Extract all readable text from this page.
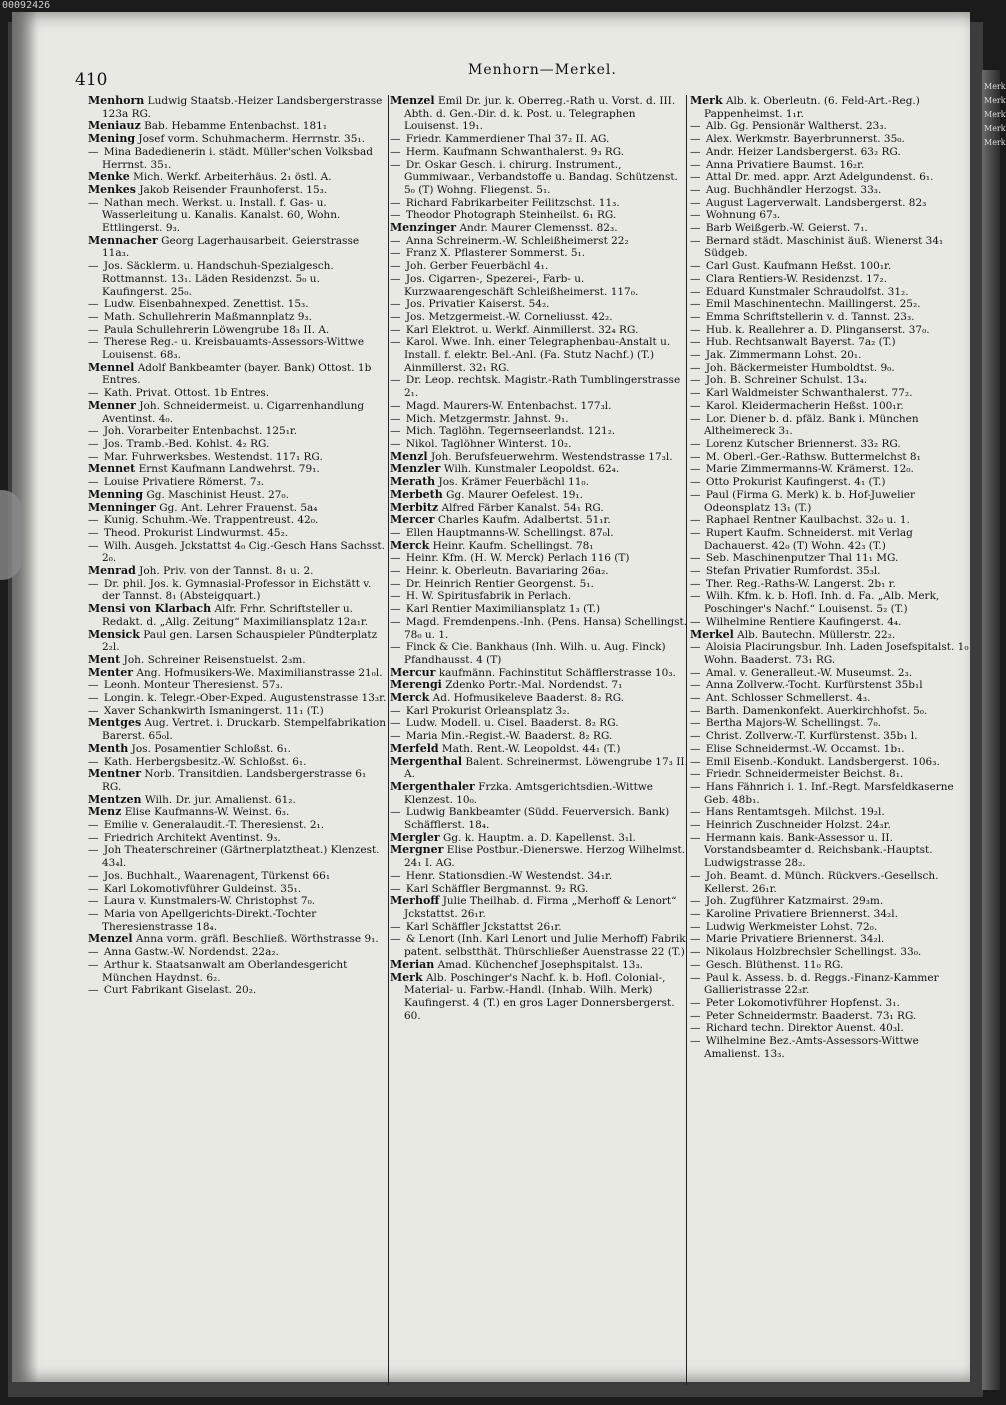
00092426
410	Menhorn—Merkel.
Menhorn Ludwig Staatsb.-Heizer Landsbergerstrasse 123a RG.
Meniauz Bab. Hebamme Entenbachst. 181₁
Mening Josef vorm. Schuhmacherm. Herrnstr. 35₁.
— Mina Badedienerin i. städt. Müller'schen Volksbad Herrnst. 35₁.
Menke Mich. Werkf. Arbeiterhäus. 2₁ östl. A.
Menkes Jakob Reisender Fraunhoferst. 15₃.
— Nathan mech. Werkst. u. Install. f. Gas- u. Wasserleitung u. Kanalis. Kanalst. 60, Wohn. Ettlingerst. 9₃.
Mennacher Georg Lagerhausarbeit. Geierstrasse 11a₃.
— Jos. Säcklerm. u. Handschuh-Spezialgesch. Rottmannst. 13₁. Läden Residenzst. 5₀ u. Kaufingerst. 25₀.
— Ludw. Eisenbahnexped. Zenettist. 15₃.
— Math. Schullehrerin Maßmannplatz 9₃.
— Paula Schullehrerin Löwengrube 18₃ II. A.
— Therese Reg.- u. Kreisbauamts-Assessors-Wittwe Louisenst. 68₃.
Mennel Adolf Bankbeamter (bayer. Bank) Ottost. 1b Entres.
— Kath. Privat. Ottost. 1b Entres.
Menner Joh. Schneidermeist. u. Cigarrenhandlung Aventinst. 4₀.
— Joh. Vorarbeiter Entenbachst. 125₁r.
— Jos. Tramb.-Bed. Kohlst. 4₂ RG.
— Mar. Fuhrwerksbes. Westendst. 117₁ RG.
Mennet Ernst Kaufmann Landwehrst. 79₁.
— Louise Privatiere Römerst. 7₃.
Menning Gg. Maschinist Heust. 27₀.
Menninger Gg. Ant. Lehrer Frauenst. 5a₄
— Kunig. Schuhm.-We. Trappentreust. 42₀.
— Theod. Prokurist Lindwurmst. 45₂.
— Wilh. Ausgeh. Jckstattst 4₀ Cig.-Gesch Hans Sachsst. 2₀.
Menrad Joh. Priv. von der Tannst. 8₁ u. 2.
— Dr. phil. Jos. k. Gymnasial-Professor in Eichstätt v. der Tannst. 8₁ (Absteigquart.)
Mensi von Klarbach Alfr. Frhr. Schriftsteller u. Redakt. d. „Allg. Zeitung“ Maximiliansplatz 12a₁r.
Mensick Paul gen. Larsen Schauspieler Pündterplatz 2₂l.
Ment Joh. Schreiner Reisenstuelst. 2₃m.
Menter Ang. Hofmusikers-We. Maximilianstrasse 21₀l.
— Leonh. Monteur Theresienst. 57₃.
— Longin. k. Telegr.-Ober-Exped. Augustenstrasse 13₃r.
— Xaver Schankwirth Ismaningerst. 11₁ (T.)
Mentges Aug. Vertret. i. Druckarb. Stempelfabrikation Barerst. 65₀l.
Menth Jos. Posamentier Schloßst. 6₁.
— Kath. Herbergsbesitz.-W. Schloßst. 6₁.
Mentner Norb. Transitdien. Landsbergerstrasse 6₁ RG.
Mentzen Wilh. Dr. jur. Amalienst. 61₂.
Menz Elise Kaufmanns-W. Weinst. 6₃.
— Emilie v. Generalaudit.-T. Theresienst. 2₁.
— Friedrich Architekt Aventinst. 9₃.
— Joh Theaterschreiner (Gärtnerplatztheat.) Klenzest. 43₄l.
— Jos. Buchhalt., Waarenagent, Türkenst 66₁
— Karl Lokomotivführer Guldeinst. 35₁.
— Laura v. Kunstmalers-W. Christophst 7₀.
— Maria von Apellgerichts-Direkt.-Tochter Theresienstrasse 18₄.
Menzel Anna vorm. gräfl. Beschließ. Wörthstrasse 9₁.
— Anna Gastw.-W. Nordendst. 22a₂.
— Arthur k. Staatsanwalt am Oberlandesgericht München Haydnst. 6₂.
— Curt Fabrikant Giselast. 20₂.
Menzel Emil Dr. jur. k. Oberreg.-Rath u. Vorst. d. III. Abth. d. Gen.-Dir. d. k. Post. u. Telegraphen Louisenst. 19₁.
— Friedr. Kammerdiener Thal 37₂ II. AG.
— Herm. Kaufmann Schwanthalerst. 9₃ RG.
— Dr. Oskar Gesch. i. chirurg. Instrument., Gummiwaar., Verbandstoffe u. Bandag. Schützenst. 5₀ (T) Wohng. Fliegenst. 5₁.
— Richard Fabrikarbeiter Feilitzschst. 11₃.
— Theodor Photograph Steinheilst. 6₁ RG.
Menzinger Andr. Maurer Clemensst. 82₃.
— Anna Schreinerm.-W. Schleißheimerst 22₂
— Franz X. Pflasterer Sommerst. 5₁.
— Joh. Gerber Feuerbächl 4₁.
— Jos. Cigarren-, Spezerei-, Farb- u. Kurzwaarengeschäft Schleißheimerst. 117₀.
— Jos. Privatier Kaiserst. 54₂.
— Jos. Metzgermeist.-W. Corneliusst. 42₂.
— Karl Elektrot. u. Werkf. Ainmillerst. 32₄ RG.
— Karol. Wwe. Inh. einer Telegraphenbau-Anstalt u. Install. f. elektr. Bel.-Anl. (Fa. Stutz Nachf.) (T.) Ainmillerst. 32₁ RG.
— Dr. Leop. rechtsk. Magistr.-Rath Tumblingerstrasse 2₁.
— Magd. Maurers-W. Entenbachst. 177₃l.
— Mich. Metzgermstr. Jahnst. 9₁.
— Mich. Taglöhn. Tegernseerlandst. 121₂.
— Nikol. Taglöhner Winterst. 10₂.
Menzl Joh. Berufsfeuerwehrm. Westendstrasse 17₃l.
Menzler Wilh. Kunstmaler Leopoldst. 62₄.
Merath Jos. Krämer Feuerbächl 11₀.
Merbeth Gg. Maurer Oefelest. 19₁.
Merbitz Alfred Färber Kanalst. 54₁ RG.
Mercer Charles Kaufm. Adalbertst. 51₁r.
— Ellen Hauptmanns-W. Schellingst. 87₀l.
Merck Heinr. Kaufm. Schellingst. 78₁
— Heinr. Kfm. (H. W. Merck) Perlach 116 (T)
— Heinr. k. Oberleutn. Bavariaring 26a₂.
— Dr. Heinrich Rentier Georgenst. 5₁.
— H. W. Spiritusfabrik in Perlach.
— Karl Rentier Maximiliansplatz 1₃ (T.)
— Magd. Fremdenpens.-Inh. (Pens. Hansa) Schellingst. 78₀ u. 1.
— Finck & Cie. Bankhaus (Inh. Wilh. u. Aug. Finck) Pfandhausst. 4 (T)
Mercur kaufmänn. Fachinstitut Schäfflerstrasse 10₃.
Merengi Zdenko Portr.-Mal. Nordendst. 7₁
Merck Ad. Hofmusikeleve Baaderst. 8₂ RG.
— Karl Prokurist Orleansplatz 3₂.
— Ludw. Modell. u. Cisel. Baaderst. 8₂ RG.
— Maria Min.-Regist.-W. Baaderst. 8₂ RG.
Merfeld Math. Rent.-W. Leopoldst. 44₁ (T.)
Mergenthal Balent. Schreinermst. Löwengrube 17₃ II. A.
Mergenthaler Frzka. Amtsgerichtsdien.-Wittwe Klenzest. 10₀.
— Ludwig Bankbeamter (Südd. Feuerversich. Bank) Schäfflerst. 18₄.
Mergler Gg. k. Hauptm. a. D. Kapellenst. 3₁l.
Mergner Elise Postbur.-Dienerswe. Herzog Wilhelmst. 24₁ I. AG.
— Henr. Stationsdien.-W Westendst. 34₁r.
— Karl Schäffler Bergmannst. 9₂ RG.
Merhoff Julie Theilhab. d. Firma „Merhoff & Lenort“ Jckstattst. 26₁r.
— Karl Schäffler Jckstattst 26₁r.
— & Lenort (Inh. Karl Lenort und Julie Merhoff) Fabrik patent. selbstthät. Thürschließer Auenstrasse 22 (T.)
Merian Amad. Küchenchef Josephspitalst. 13₃.
Merk Alb. Poschinger's Nachf. k. b. Hofl. Colonial-, Material- u. Farbw.-Handl. (Inhab. Wilh. Merk) Kaufingerst. 4 (T.) en gros Lager Donnersbergerst. 60.
Merk Alb. k. Oberleutn. (6. Feld-Art.-Reg.) Pappenheimst. 1₁r.
— Alb. Gg. Pensionär Waltherst. 23₃.
— Alex. Werkmstr. Bayerbrunnerst. 35₀.
— Andr. Heizer Landsbergerst. 63₂ RG.
— Anna Privatiere Baumst. 16₂r.
— Attal Dr. med. appr. Arzt Adelgundenst. 6₁.
— Aug. Buchhändler Herzogst. 33₃.
— August Lagerverwalt. Landsbergerst. 82₃
— Wohnung 67₃.
— Barb Weißgerb.-W. Geierst. 7₁.
— Bernard städt. Maschinist äuß. Wienerst 34₁ Südgeb.
— Carl Gust. Kaufmann Heßst. 100₁r.
— Clara Rentiers-W. Residenzst. 17₂.
— Eduard Kunstmaler Schraudolfst. 31₂.
— Emil Maschinentechn. Maillingerst. 25₂.
— Emma Schriftstellerin v. d. Tannst. 23₃.
— Hub. k. Reallehrer a. D. Plinganserst. 37₀.
— Hub. Rechtsanwalt Bayerst. 7a₂ (T.)
— Jak. Zimmermann Lohst. 20₁.
— Joh. Bäckermeister Humboldtst. 9₀.
— Joh. B. Schreiner Schulst. 13₄.
— Karl Waldmeister Schwanthalerst. 77₂.
— Karol. Kleidermacherin Heßst. 100₁r.
— Lor. Diener b. d. pfälz. Bank i. München Altheimereck 3₁.
— Lorenz Kutscher Briennerst. 33₂ RG.
— M. Oberl.-Ger.-Rathsw. Buttermelchst 8₁
— Marie Zimmermanns-W. Krämerst. 12₀.
— Otto Prokurist Kaufingerst. 4₁ (T.)
— Paul (Firma G. Merk) k. b. Hof-Juwelier Odeonsplatz 13₁ (T.)
— Raphael Rentner Kaulbachst. 32₀ u. 1.
— Rupert Kaufm. Schneiderst. mit Verlag Dachauerst. 42₀ (T) Wohn. 42₃ (T.)
— Seb. Maschinenputzer Thal 11₁ MG.
— Stefan Privatier Rumfordst. 35₃l.
— Ther. Reg.-Raths-W. Langerst. 2b₁ r.
— Wilh. Kfm. k. b. Hofl. Inh. d. Fa. „Alb. Merk, Poschinger's Nachf.“ Louisenst. 5₂ (T.)
— Wilhelmine Rentiere Kaufingerst. 4₄.
Merkel Alb. Bautechn. Müllerstr. 22₂.
— Aloisia Placirungsbur. Inh. Laden Josefspitalst. 1₀ Wohn. Baaderst. 73₁ RG.
— Amal. v. Generalleut.-W. Museumst. 2₃.
— Anna Zollverw.-Tocht. Kurfürstenst 35b₁l
— Ant. Schlosser Schmellerst. 4₃.
— Barth. Damenkonfekt. Auerkirchhofst. 5₀.
— Bertha Majors-W. Schellingst. 7₀.
— Christ. Zollverw.-T. Kurfürstenst. 35b₁ l.
— Elise Schneidermst.-W. Occamst. 1b₁.
— Emil Eisenb.-Kondukt. Landsbergerst. 106₃.
— Friedr. Schneidermeister Beichst. 8₁.
— Hans Fähnrich i. 1. Inf.-Regt. Marsfeldkaserne Geb. 48b₁.
— Hans Rentamtsgeh. Milchst. 19₂l.
— Heinrich Zuschneider Holzst. 24₃r.
— Hermann kais. Bank-Assessor u. II. Vorstandsbeamter d. Reichsbank.-Hauptst. Ludwigstrasse 28₂.
— Joh. Beamt. d. Münch. Rückvers.-Gesellsch. Kellerst. 26₁r.
— Joh. Zugführer Katzmairst. 29₃m.
— Karoline Privatiere Briennerst. 34₂l.
— Ludwig Werkmeister Lohst. 72₀.
— Marie Privatiere Briennerst. 34₂l.
— Nikolaus Holzbrechsler Schellingst. 33₀.
— Gesch. Blüthenst. 11₀ RG.
— Paul k. Assess. b. d. Reggs.-Finanz-Kammer Gallieristrasse 22₃r.
— Peter Lokomotivführer Hopfenst. 3₁.
— Peter Schneidermstr. Baaderst. 73₁ RG.
— Richard techn. Direktor Auenst. 40₃l.
— Wilhelmine Bez.-Amts-Assessors-Wittwe Amalienst. 13₃.
Merk Merk Merk Merk Merk
